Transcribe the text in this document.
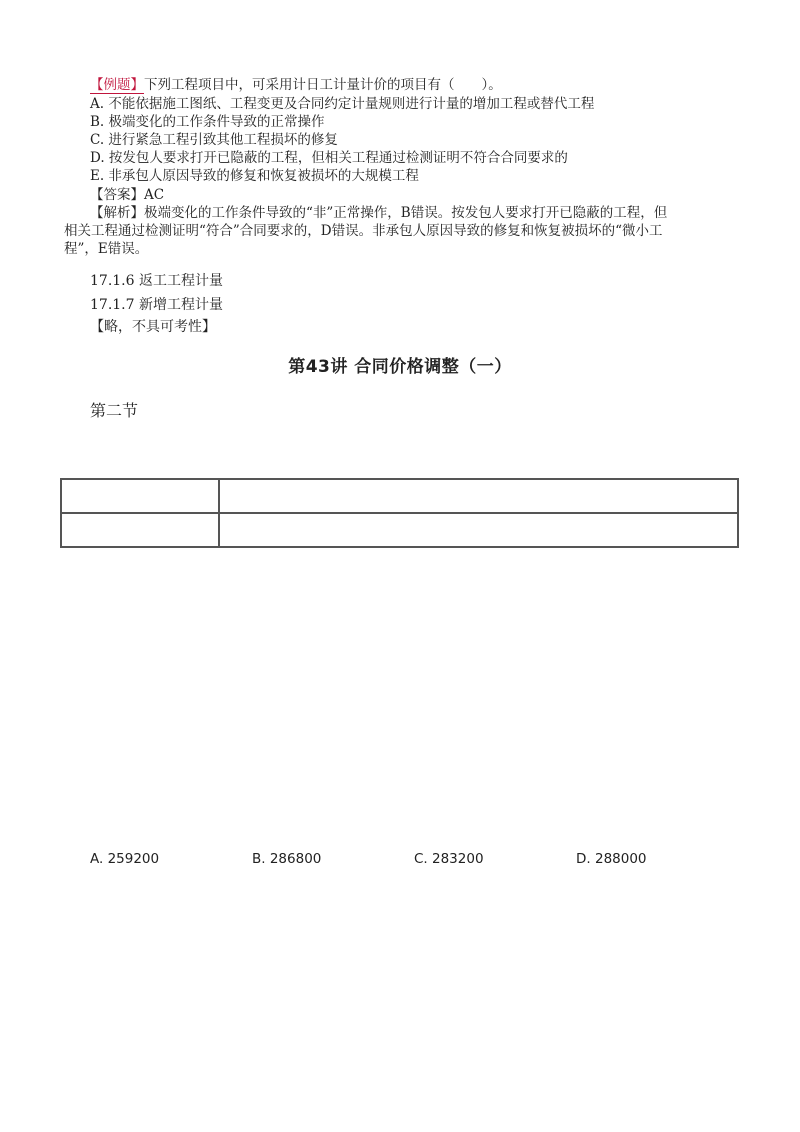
【例题】下列工程项目中，可采用计日工计量计价的项目有（　　）。
A. 不能依据施工图纸、工程变更及合同约定计量规则进行计量的增加工程或替代工程
B. 极端变化的工作条件导致的正常操作
C. 进行紧急工程引致其他工程损坏的修复
D. 按发包人要求打开已隐蔽的工程，但相关工程通过检测证明不符合合同要求的
E. 非承包人原因导致的修复和恢复被损坏的大规模工程
【答案】AC
【解析】极端变化的工作条件导致的“非”正常操作，B错误。按发包人要求打开已隐蔽的工程，但
相关工程通过检测证明“符合”合同要求的，D错误。非承包人原因导致的修复和恢复被损坏的“微小工
程”，E错误。
17.1.6 返工工程计量
17.1.7 新增工程计量
【略，不具可考性】
第43讲 合同价格调整（一）
第二节

A. 259200	B. 286800	C. 283200	D. 288000
